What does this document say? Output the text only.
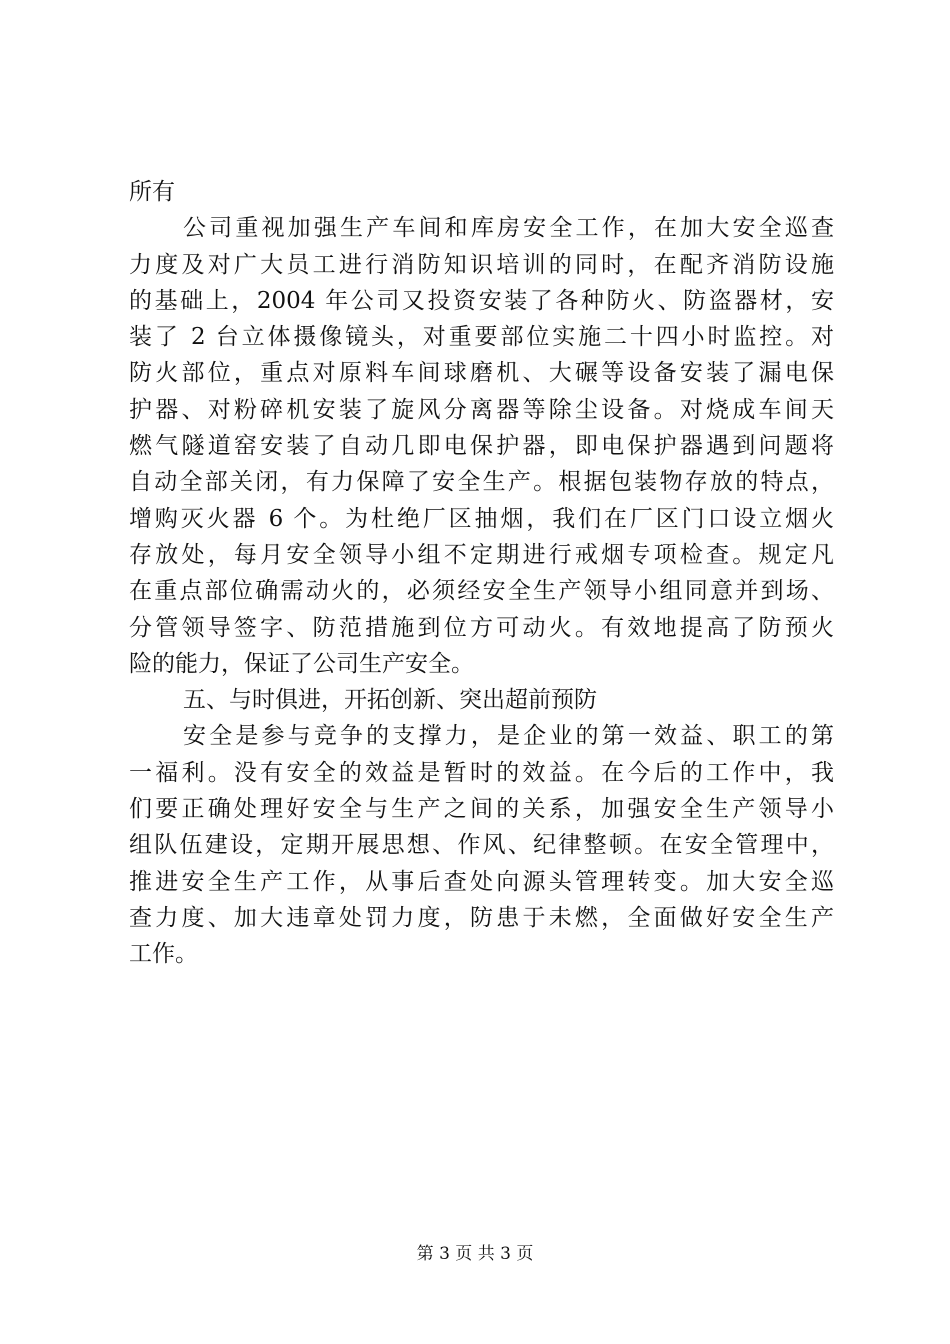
所有
公司重视加强生产车间和库房安全工作，在加大安全巡查
力度及对广大员工进行消防知识培训的同时，在配齐消防设施
的基础上，2004 年公司又投资安装了各种防火、防盗器材，安
装了 2 台立体摄像镜头，对重要部位实施二十四小时监控。对
防火部位，重点对原料车间球磨机、大碾等设备安装了漏电保
护器、对粉碎机安装了旋风分离器等除尘设备。对烧成车间天
燃气隧道窑安装了自动几即电保护器，即电保护器遇到问题将
自动全部关闭，有力保障了安全生产。根据包装物存放的特点，
增购灭火器 6 个。为杜绝厂区抽烟，我们在厂区门口设立烟火
存放处，每月安全领导小组不定期进行戒烟专项检查。规定凡
在重点部位确需动火的，必须经安全生产领导小组同意并到场、
分管领导签字、防范措施到位方可动火。有效地提高了防预火
险的能力，保证了公司生产安全。
五、与时俱进，开拓创新、突出超前预防
安全是参与竞争的支撑力，是企业的第一效益、职工的第
一福利。没有安全的效益是暂时的效益。在今后的工作中，我
们要正确处理好安全与生产之间的关系，加强安全生产领导小
组队伍建设，定期开展思想、作风、纪律整顿。在安全管理中，
推进安全生产工作，从事后查处向源头管理转变。加大安全巡
查力度、加大违章处罚力度，防患于未燃，全面做好安全生产
工作。
第 3 页 共 3 页
